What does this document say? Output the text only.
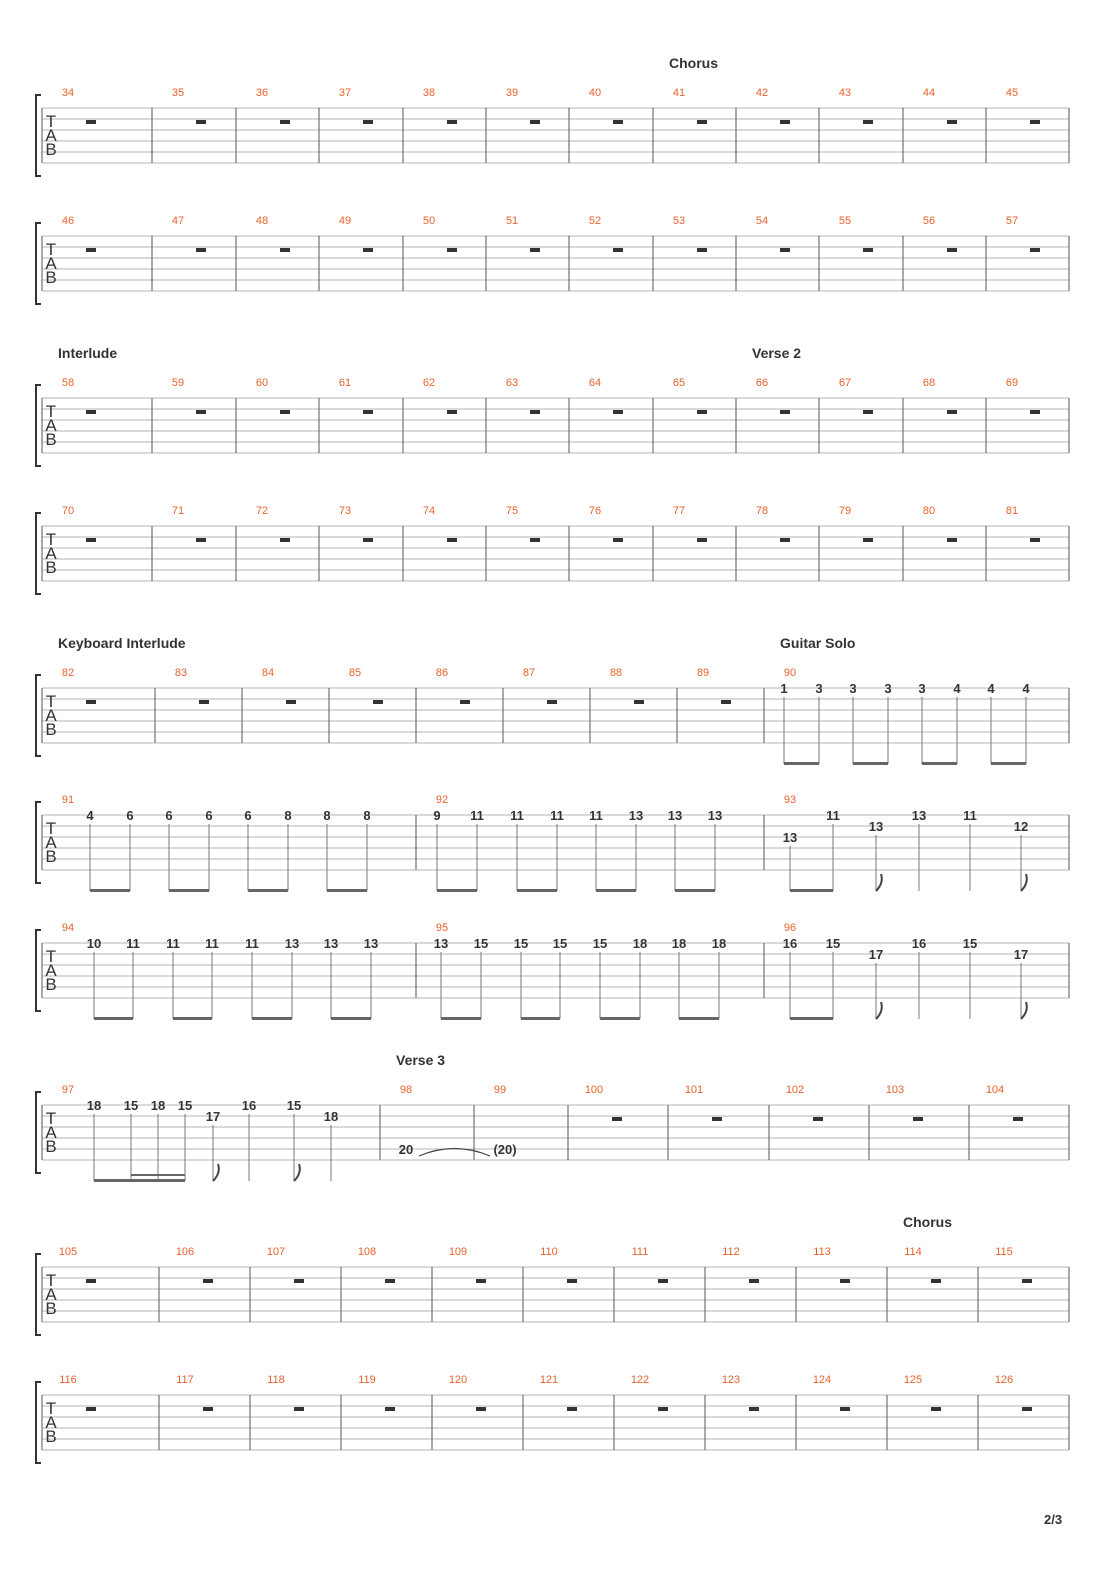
T
A
B
Chorus
34	35	36	37	38	39	40	41	42	43	44	45
T
A
B
46	47	48	49	50	51	52	53	54	55	56	57
T
A
B
Interlude	Verse 2
58	59	60	61	62	63	64	65	66	67	68	69
T
A
B
70	71	72	73	74	75	76	77	78	79	80	81
T
A
B
Keyboard Interlude	Guitar Solo
82	83	84	85	86	87	88	89	90
1 3 3 3 3 4 4 4
T
A
B
91
4	6 6	6 6	8 8	8
92
9 11 11 11 11 13 13 13
93
13
11
13
13	11
12
T
A
B
94
10 11 11 11 11 13 13 13
95
13 15 15 15 15 18 18 18
96
16 15
17
16	15
17
T
A
B
Verse 3
97
18 15 18 15
17
16 15
18
98
20
99
(20)
100	101	102	103	104
T
A
B
Chorus
105	106	107	108	109	110	111	112	113	114	115
T
A
B
116	117	118	119	120	121	122	123	124	125	126
2/3
